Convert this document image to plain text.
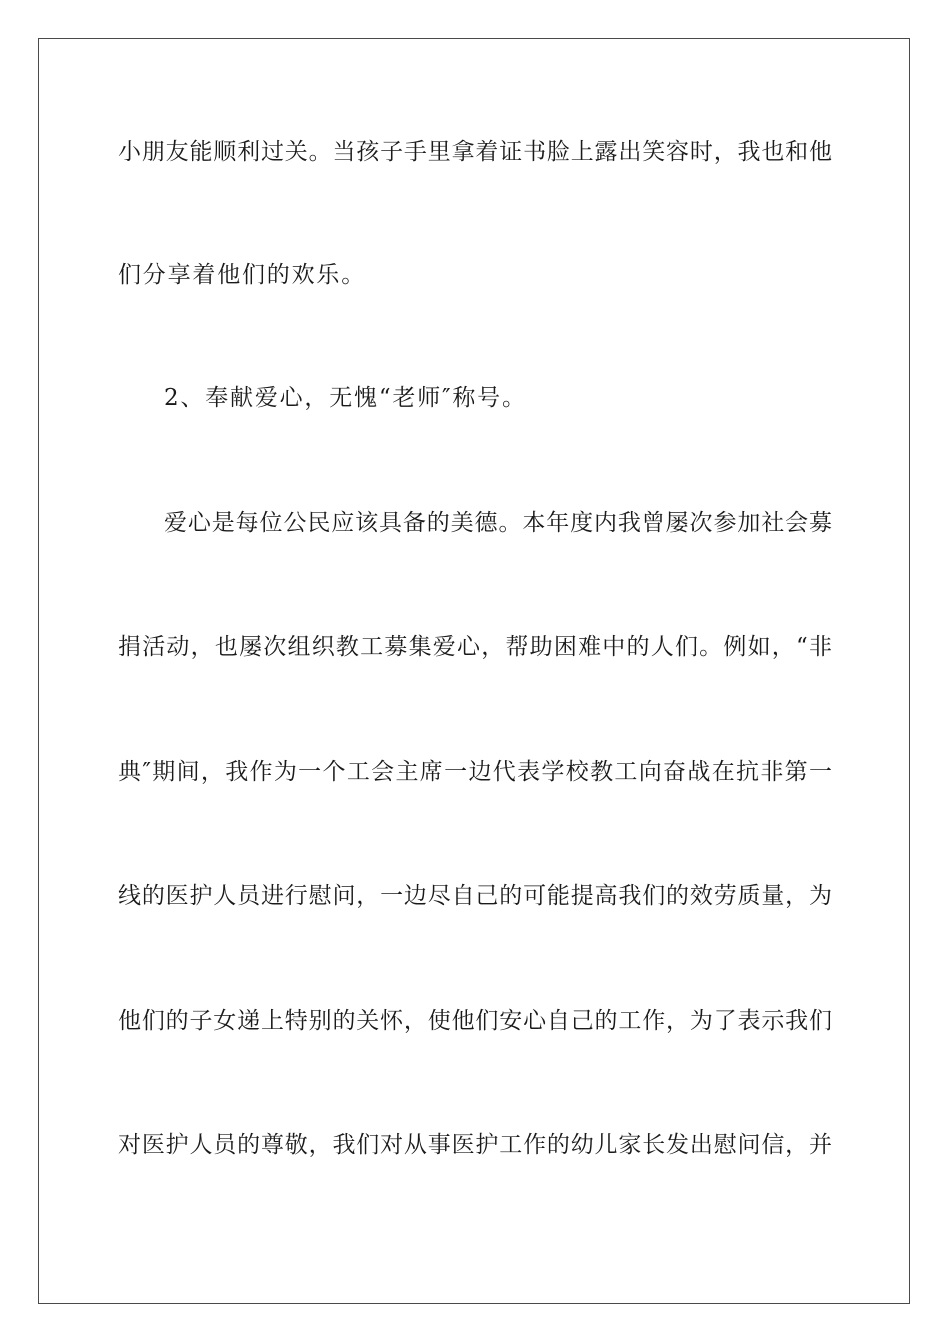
小朋友能顺利过关。当孩子手里拿着证书脸上露出笑容时，我也和他
们分享着他们的欢乐。
2、奉献爱心，无愧“老师″称号。
爱心是每位公民应该具备的美德。本年度内我曾屡次参加社会募
捐活动，也屡次组织教工募集爱心，帮助困难中的人们。例如，“非
典″期间，我作为一个工会主席一边代表学校教工向奋战在抗非第一
线的医护人员进行慰问，一边尽自己的可能提高我们的效劳质量，为
他们的子女递上特别的关怀，使他们安心自己的工作，为了表示我们
对医护人员的尊敬，我们对从事医护工作的幼儿家长发出慰问信，并
